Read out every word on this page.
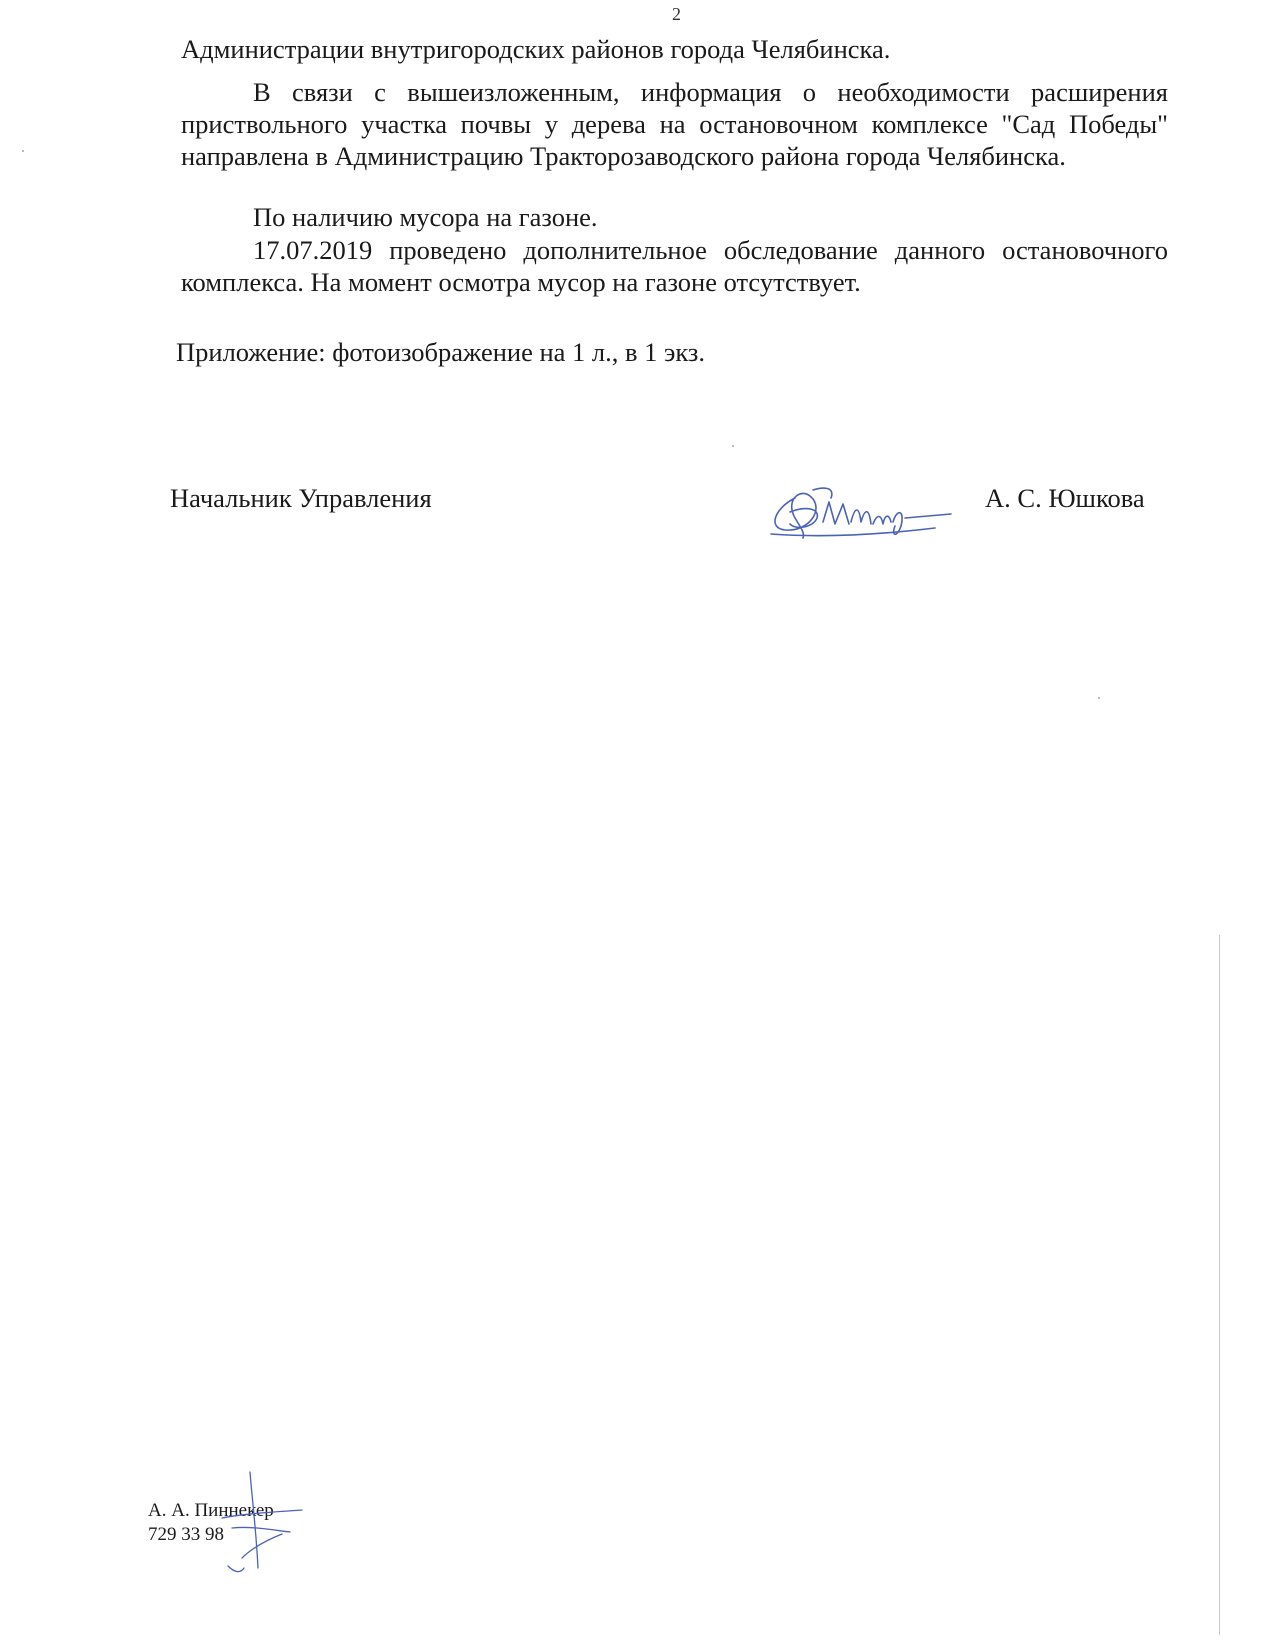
2

Администрации внутригородских районов города Челябинска.

В связи с вышеизложенным, информация о необходимости расширения приствольного участка почвы у дерева на остановочном комплексе "Сад Победы" направлена в Администрацию Тракторозаводского района города Челябинска.

По наличию мусора на газоне.

17.07.2019 проведено дополнительное обследование данного остановочного комплекса. На момент осмотра мусор на газоне отсутствует.

Приложение: фотоизображение на 1 л., в 1 экз.

Начальник Управления	А. С. Юшкова
А. А. Пиннекер
729 33 98
